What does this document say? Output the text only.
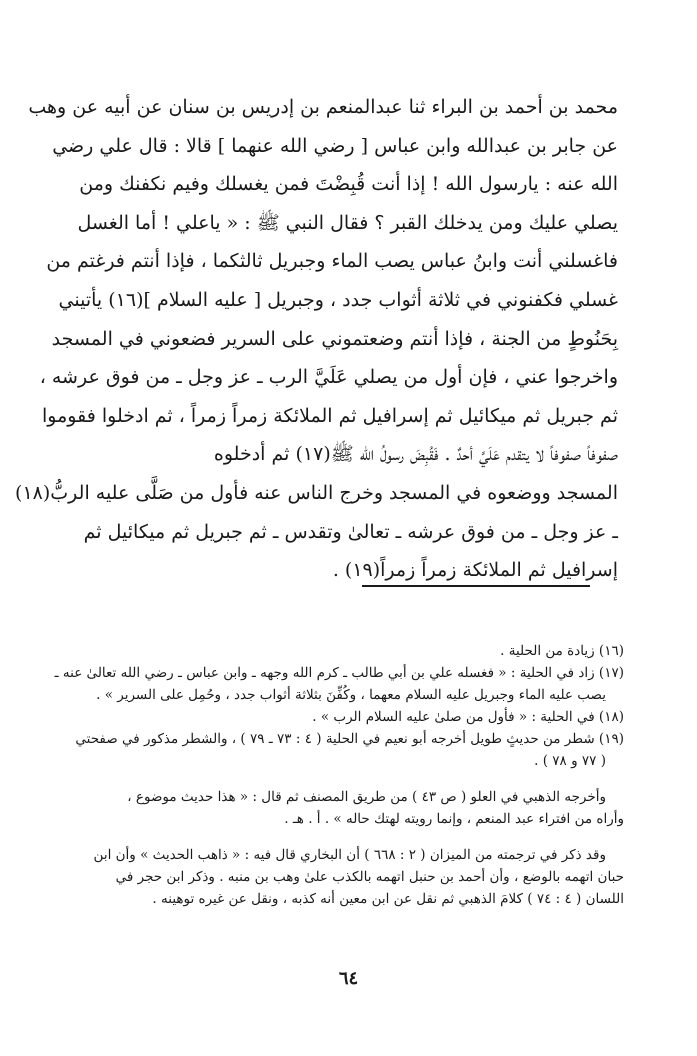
محمد بن أحمد بن البراء ثنا عبدالمنعم بن إدريس بن سنان عن أبيه عن وهب
عن جابر بن عبدالله وابن عباس [ رضي الله عنهما ] قالا : قال علي رضي
الله عنه : يارسول الله ! إذا أنت قُبِضْتَ فمن يغسلك وفيم نكفنك ومن
يصلي عليك ومن يدخلك القبر ؟ فقال النبي ﷺ : « ياعلي ! أما الغسل
فاغسلني أنت وابنُ عباس يصب الماء وجبريل ثالثكما ، فإذا أنتم فرغتم من
غسلي فكفنوني في ثلاثة أثواب جدد ، وجبريل [ عليه السلام ](١٦) يأتيني
بِحَنُوطٍ من الجنة ، فإذا أنتم وضعتموني على السرير فضعوني في المسجد
واخرجوا عني ، فإن أول من يصلي عَلَيَّ الرب ـ عز وجل ـ من فوق عرشه ،
ثم جبريل ثم ميكائيل ثم إسرافيل ثم الملائكة زمراً زمراً ، ثم ادخلوا فقوموا
صفوفاً صفوفاً لا يتقدم عَلَيَّ أحدٌ . فَقُبِضَ رسولُ الله ﷺ(١٧) ثم أدخلوه
المسجد ووضعوه في المسجد وخرج الناس عنه فأول من صَلَّى عليه الربُّ(١٨)
ـ عز وجل ـ من فوق عرشه ـ تعالىٰ وتقدس ـ ثم جبريل ثم ميكائيل ثم
إسرافيل ثم الملائكة زمراً زمراً(١٩) .
(١٦) زيادة من الحلية .
(١٧) زاد في الحلية : « فغسله علي بن أبي طالب ـ كرم الله وجهه ـ وابن عباس ـ رضي الله تعالىٰ عنه ـ
يصب عليه الماء وجبريل عليه السلام معهما ، وكُفِّنَ بثلاثة أثواب جدد ، وحُمِل على السرير » .
(١٨) في الحلية : « فأول من صلىٰ عليه السلام الرب » .
(١٩) شطر من حديثٍ طويل أخرجه أبو نعيم في الحلية ( ٤ : ٧٣ ـ ٧٩ ) ، والشطر مذكور في صفحتي
( ٧٧ و ٧٨ ) .
وأخرجه الذهبي في العلو ( ص ٤٣ ) من طريق المصنف ثم قال : « هذا حديث موضوع ،
وأراه من افتراء عبد المنعم ، وإنما رويته لهتك حاله » . أ . هـ .
وقد ذكر في ترجمته من الميزان ( ٢ : ٦٦٨ ) أن البخاري قال فيه : « ذاهب الحديث » وأن ابن
حبان اتهمه بالوضع ، وأن أحمد بن حنبل اتهمه بالكذب علىٰ وهب بن منبه . وذكر ابن حجر في
اللسان ( ٤ : ٧٤ ) كلامَ الذهبي ثم نقل عن ابن معين أنه كذبه ، ونقل عن غيره توهينه .
٦٤
